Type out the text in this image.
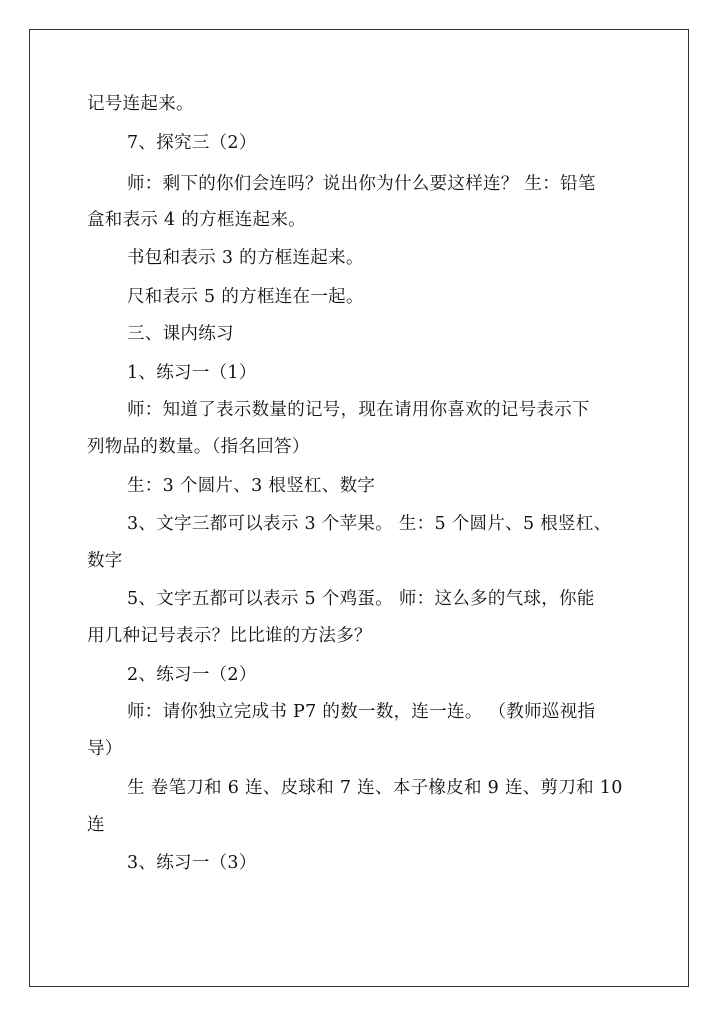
记号连起来。
7、探究三（2）
师：剩下的你们会连吗？说出你为什么要这样连？ 生：铅笔
盒和表示 4 的方框连起来。
书包和表示 3 的方框连起来。
尺和表示 5 的方框连在一起。
三、课内练习
1、练习一（1）
师：知道了表示数量的记号，现在请用你喜欢的记号表示下
列物品的数量。（指名回答）
生：3 个圆片、3 根竖杠、数字
3、文字三都可以表示 3 个苹果。 生：5 个圆片、5 根竖杠、
数字
5、文字五都可以表示 5 个鸡蛋。 师：这么多的气球，你能
用几种记号表示？比比谁的方法多？
2、练习一（2）
师：请你独立完成书 P7 的数一数，连一连。 （教师巡视指
导）
生 卷笔刀和 6 连、皮球和 7 连、本子橡皮和 9 连、剪刀和 10
连
3、练习一（3）
